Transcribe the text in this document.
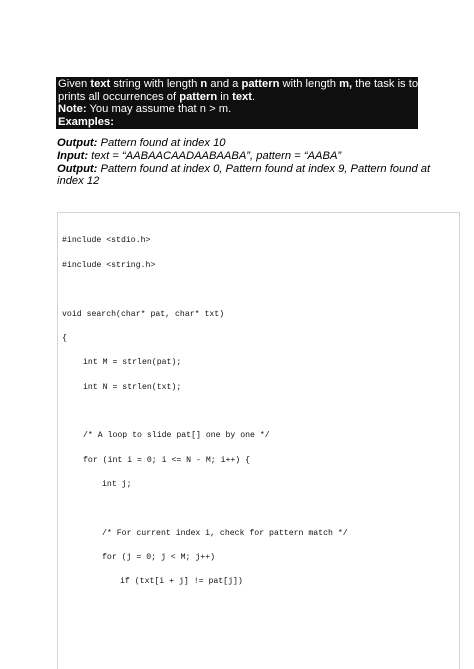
Given text string with length n and a pattern with length m, the task is to
prints all occurrences of pattern in text.
Note: You may assume that n > m.
Examples:
Output: Pattern found at index 10
Input: text = “AABAACAADAABAABA”, pattern = “AABA”
Output: Pattern found at index 0, Pattern found at index 9, Pattern found at
index 12
#include <stdio.h>
#include <string.h>
void search(char* pat, char* txt)
{
int M = strlen(pat);
int N = strlen(txt);
/* A loop to slide pat[] one by one */
for (int i = 0; i <= N - M; i++) {
int j;
/* For current index i, check for pattern match */
for (j = 0; j < M; j++)
if (txt[i + j] != pat[j])
